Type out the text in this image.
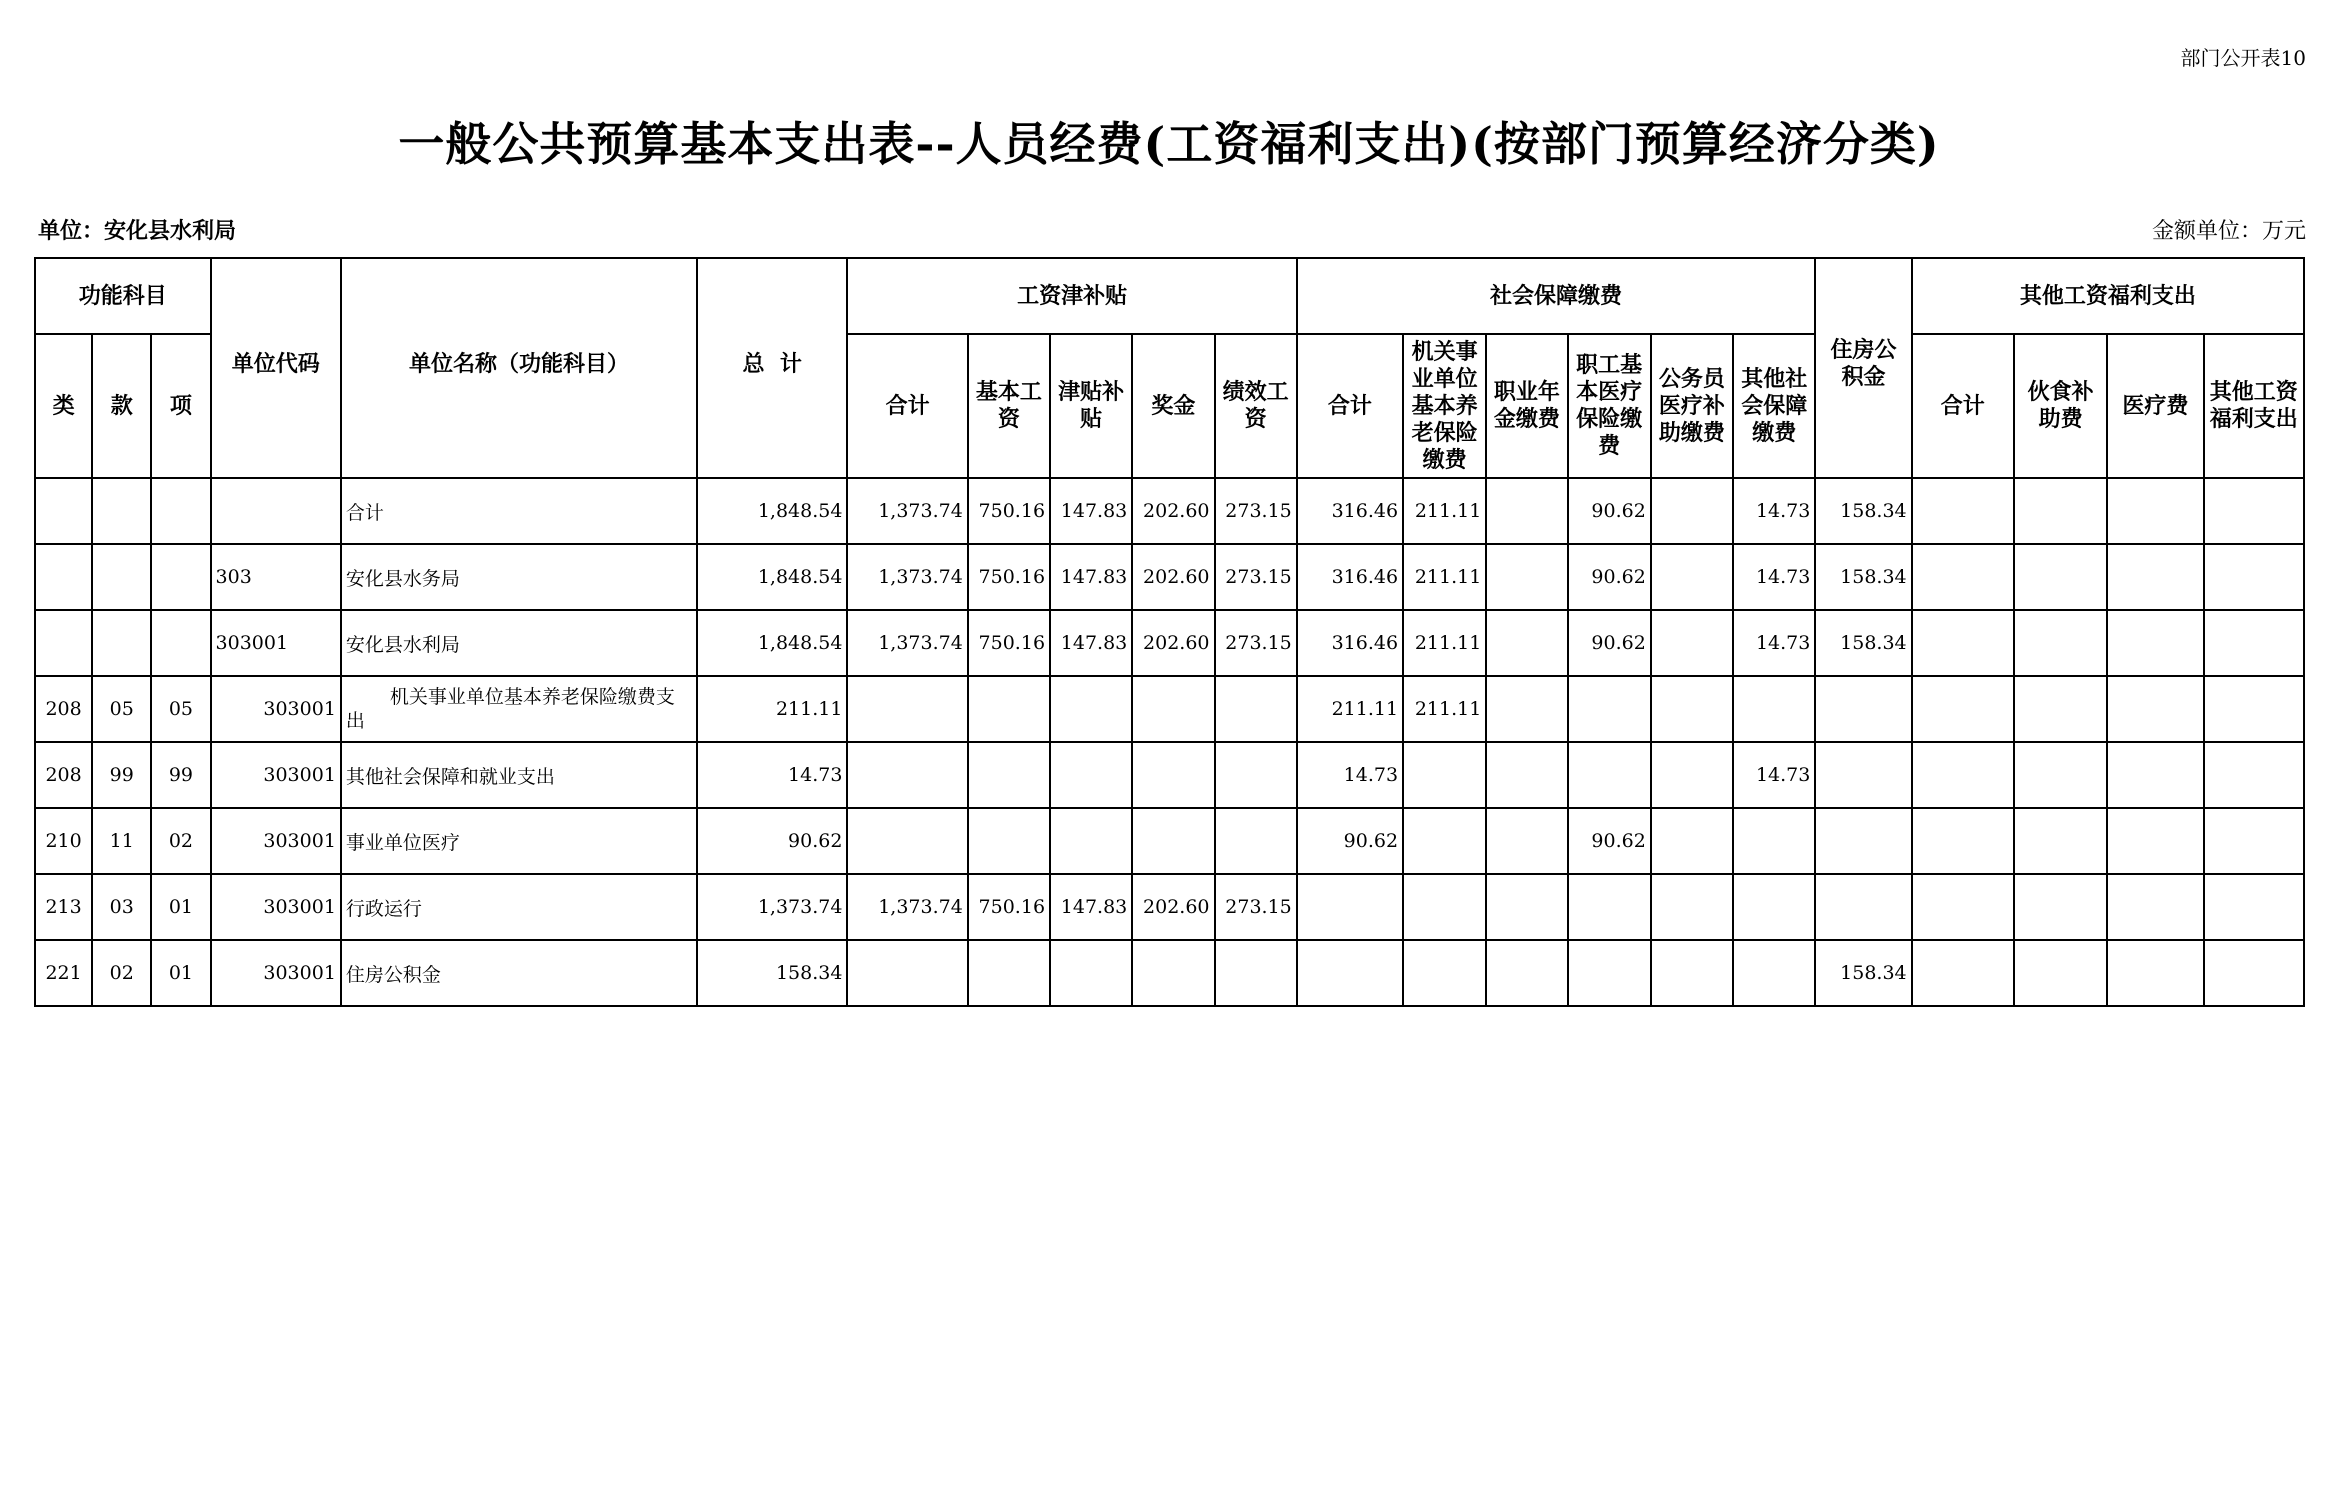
部门公开表10
一般公共预算基本支出表--人员经费(工资福利支出)(按部门预算经济分类)
单位：安化县水利局	金额单位：万元
功能科目			单位代码	单位名称（功能科目）	总  计	工资津补贴					社会保障缴费						住房公积金	其他工资福利支出			
类	款	项				合计	基本工资	津贴补贴	奖金	绩效工资	合计	机关事业单位基本养老保险缴费	职业年金缴费	职工基本医疗保险缴费	公务员医疗补助缴费	其他社会保障缴费		合计	伙食补助费	医疗费	其他工资福利支出
				合计	1,848.54	1,373.74	750.16	147.83	202.60	273.15	316.46	211.11		90.62		14.73	158.34				
			303	安化县水务局	1,848.54	1,373.74	750.16	147.83	202.60	273.15	316.46	211.11		90.62		14.73	158.34				
			303001	安化县水利局	1,848.54	1,373.74	750.16	147.83	202.60	273.15	316.46	211.11		90.62		14.73	158.34				
208	05	05	303001	机关事业单位基本养老保险缴费支出	211.11						211.11	211.11									
208	99	99	303001	其他社会保障和就业支出	14.73						14.73					14.73					
210	11	02	303001	事业单位医疗	90.62						90.62			90.62							
213	03	01	303001	行政运行	1,373.74	1,373.74	750.16	147.83	202.60	273.15											
221	02	01	303001	住房公积金	158.34												158.34				
